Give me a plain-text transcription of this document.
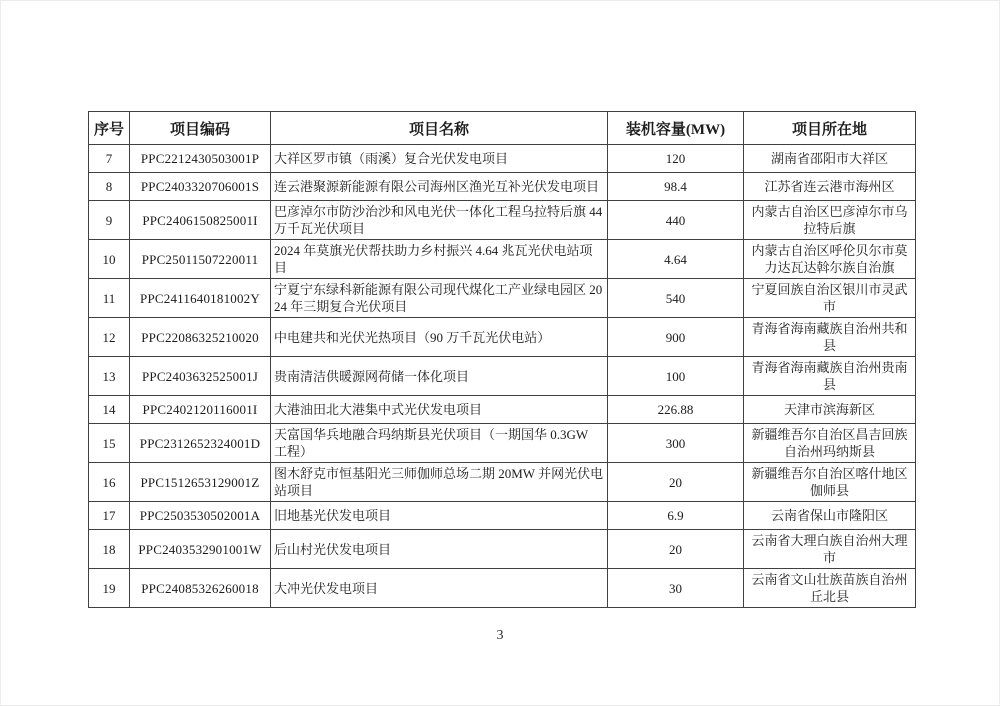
序号	项目编码	项目名称	装机容量(MW)	项目所在地
7	PPC2212430503001P	大祥区罗市镇（雨溪）复合光伏发电项目	120	湖南省邵阳市大祥区
8	PPC2403320706001S	连云港聚源新能源有限公司海州区渔光互补光伏发电项目	98.4	江苏省连云港市海州区
9	PPC2406150825001I	巴彦淖尔市防沙治沙和风电光伏一体化工程乌拉特后旗 44万千瓦光伏项目	440	内蒙古自治区巴彦淖尔市乌拉特后旗
10	PPC25011507220011	2024 年莫旗光伏帮扶助力乡村振兴 4.64 兆瓦光伏电站项目	4.64	内蒙古自治区呼伦贝尔市莫力达瓦达斡尔族自治旗
11	PPC2411640181002Y	宁夏宁东绿科新能源有限公司现代煤化工产业绿电园区 2024 年三期复合光伏项目	540	宁夏回族自治区银川市灵武市
12	PPC22086325210020	中电建共和光伏光热项目（90 万千瓦光伏电站）	900	青海省海南藏族自治州共和县
13	PPC2403632525001J	贵南清洁供暖源网荷储一体化项目	100	青海省海南藏族自治州贵南县
14	PPC2402120116001I	大港油田北大港集中式光伏发电项目	226.88	天津市滨海新区
15	PPC2312652324001D	天富国华兵地融合玛纳斯县光伏项目（一期国华 0.3GW 工程）	300	新疆维吾尔自治区昌吉回族自治州玛纳斯县
16	PPC1512653129001Z	图木舒克市恒基阳光三师伽师总场二期 20MW 并网光伏电站项目	20	新疆维吾尔自治区喀什地区伽师县
17	PPC2503530502001A	旧地基光伏发电项目	6.9	云南省保山市隆阳区
18	PPC2403532901001W	后山村光伏发电项目	20	云南省大理白族自治州大理市
19	PPC24085326260018	大冲光伏发电项目	30	云南省文山壮族苗族自治州丘北县
3
